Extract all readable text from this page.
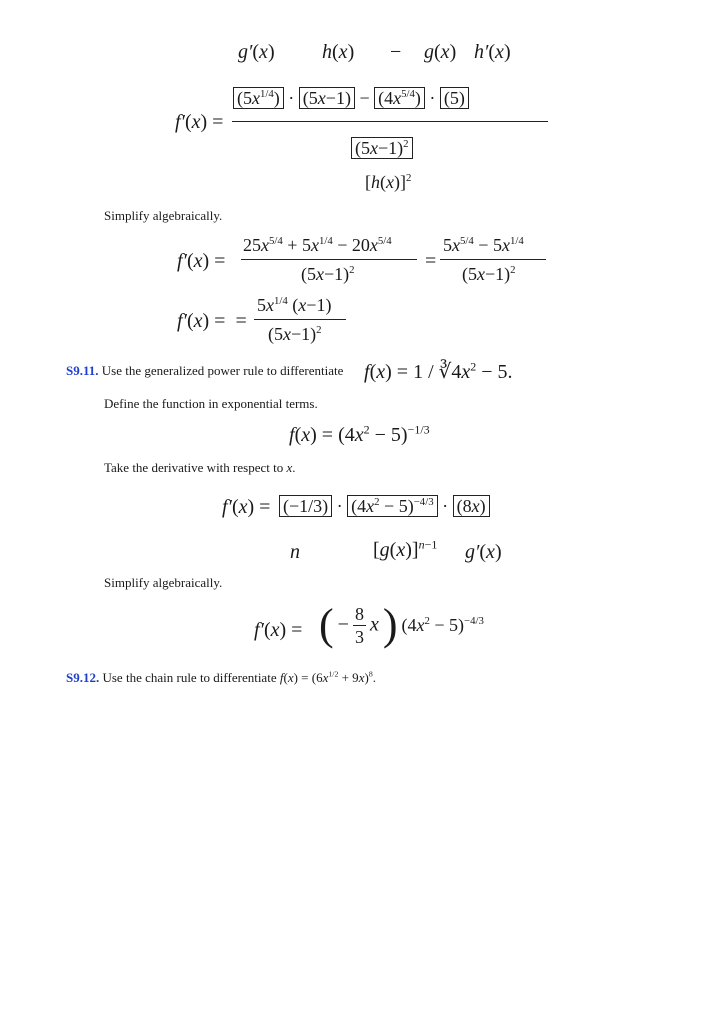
g′(x) h(x) − g(x) h′(x)
f′(x) =
$(5x^{1/4}) \cdot (5x-1) - (4x^{5/4}) \cdot (5)$
$(5x-1)^2$
$[h(x)]^2$
Simplify algebraically.
f′(x) =
$25x^{5/4} + 5x^{1/4} - 20x^{5/4}$
$(5x-1)^2$	=
$5x^{5/4} - 5x^{1/4}$
$(5x-1)^2$
f′(x) =  =
$5x^{1/4}$ (x−1)
$(5x-1)^2$
S9.11. Use the generalized power rule to differentiate $f(x) = 1 / ∛4x^2 - 5$.
Define the function in exponential terms.
$f(x) = (4x^2 - 5)^{-1/3}$
Take the derivative with respect to x.
$f'(x) = (-1/3) \cdot (4x^2 - 5)^{-4/3} \cdot (8x)$
n	$[g(x)]^{n-1}$ g′(x)
Simplify algebraically.
f′(x) = ( − $\frac{8}{3}$ x ) $(4x^2 - 5)^{-4/3}$
S9.12. Use the chain rule to differentiate $f(x) = (6x^{1/2} + 9x)^8$.
